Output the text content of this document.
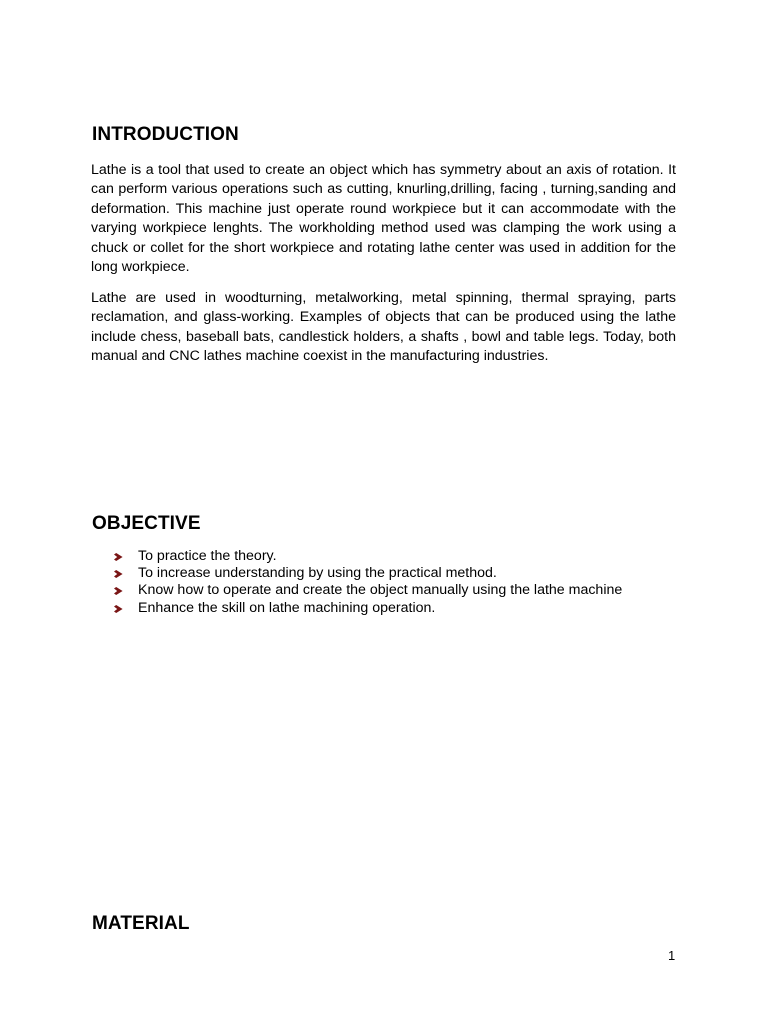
INTRODUCTION

Lathe is a tool that used to create an object which has symmetry about an axis of rotation. It can perform various operations such as cutting, knurling,drilling, facing , turning,sanding and deformation. This machine just operate round workpiece but it can accommodate with the varying workpiece lenghts. The workholding method used was clamping the work using a chuck or collet for the short workpiece and rotating lathe center was used in addition for the long workpiece.

Lathe are used in woodturning, metalworking, metal spinning, thermal spraying, parts reclamation, and glass-working. Examples of objects that can be produced using the lathe include chess, baseball bats, candlestick holders, a shafts , bowl and table legs. Today, both manual and CNC lathes machine coexist in the manufacturing industries.

OBJECTIVE
To practice the theory.
To increase understanding by using the practical method.
Know how to operate and create the object manually using the lathe machine
Enhance the skill on lathe machining operation.
MATERIAL
1
